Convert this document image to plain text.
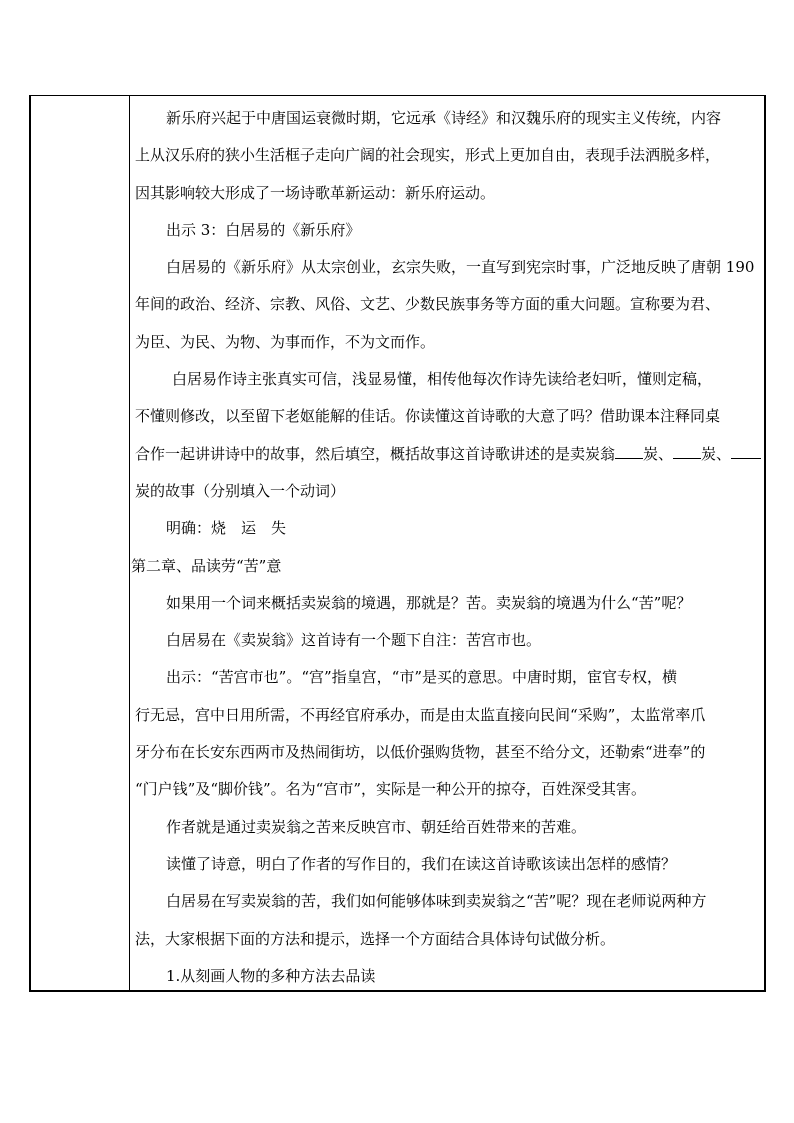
新乐府兴起于中唐国运衰微时期，它远承《诗经》和汉魏乐府的现实主义传统，内容

上从汉乐府的狭小生活框子走向广阔的社会现实，形式上更加自由，表现手法洒脱多样，

因其影响较大形成了一场诗歌革新运动：新乐府运动。

出示 3：白居易的《新乐府》

白居易的《新乐府》从太宗创业，玄宗失败，一直写到宪宗时事，广泛地反映了唐朝 190

年间的政治、经济、宗教、风俗、文艺、少数民族事务等方面的重大问题。宣称要为君、

为臣、为民、为物、为事而作，不为文而作。

白居易作诗主张真实可信，浅显易懂，相传他每次作诗先读给老妇听，懂则定稿，

不懂则修改，以至留下老妪能解的佳话。你读懂这首诗歌的大意了吗？借助课本注释同桌

合作一起讲讲诗中的故事，然后填空，概括故事这首诗歌讲述的是卖炭翁 炭、 炭、

炭的故事（分别填入一个动词）

明确：烧　运　失

第二章、品读劳“苦”意

如果用一个词来概括卖炭翁的境遇，那就是？苦。卖炭翁的境遇为什么“苦”呢？

白居易在《卖炭翁》这首诗有一个题下自注：苦宫市也。

出示：“苦宫市也”。“宫”指皇宫，“市”是买的意思。中唐时期，宦官专权，横

行无忌，宫中日用所需，不再经官府承办，而是由太监直接向民间“采购”，太监常率爪

牙分布在长安东西两市及热闹街坊，以低价强购货物，甚至不给分文，还勒索“进奉”的

“门户钱”及“脚价钱”。名为“宫市”，实际是一种公开的掠夺，百姓深受其害。

作者就是通过卖炭翁之苦来反映宫市、朝廷给百姓带来的苦难。

读懂了诗意，明白了作者的写作目的，我们在读这首诗歌该读出怎样的感情？

白居易在写卖炭翁的苦，我们如何能够体味到卖炭翁之“苦”呢？现在老师说两种方

法，大家根据下面的方法和提示，选择一个方面结合具体诗句试做分析。

1.从刻画人物的多种方法去品读
